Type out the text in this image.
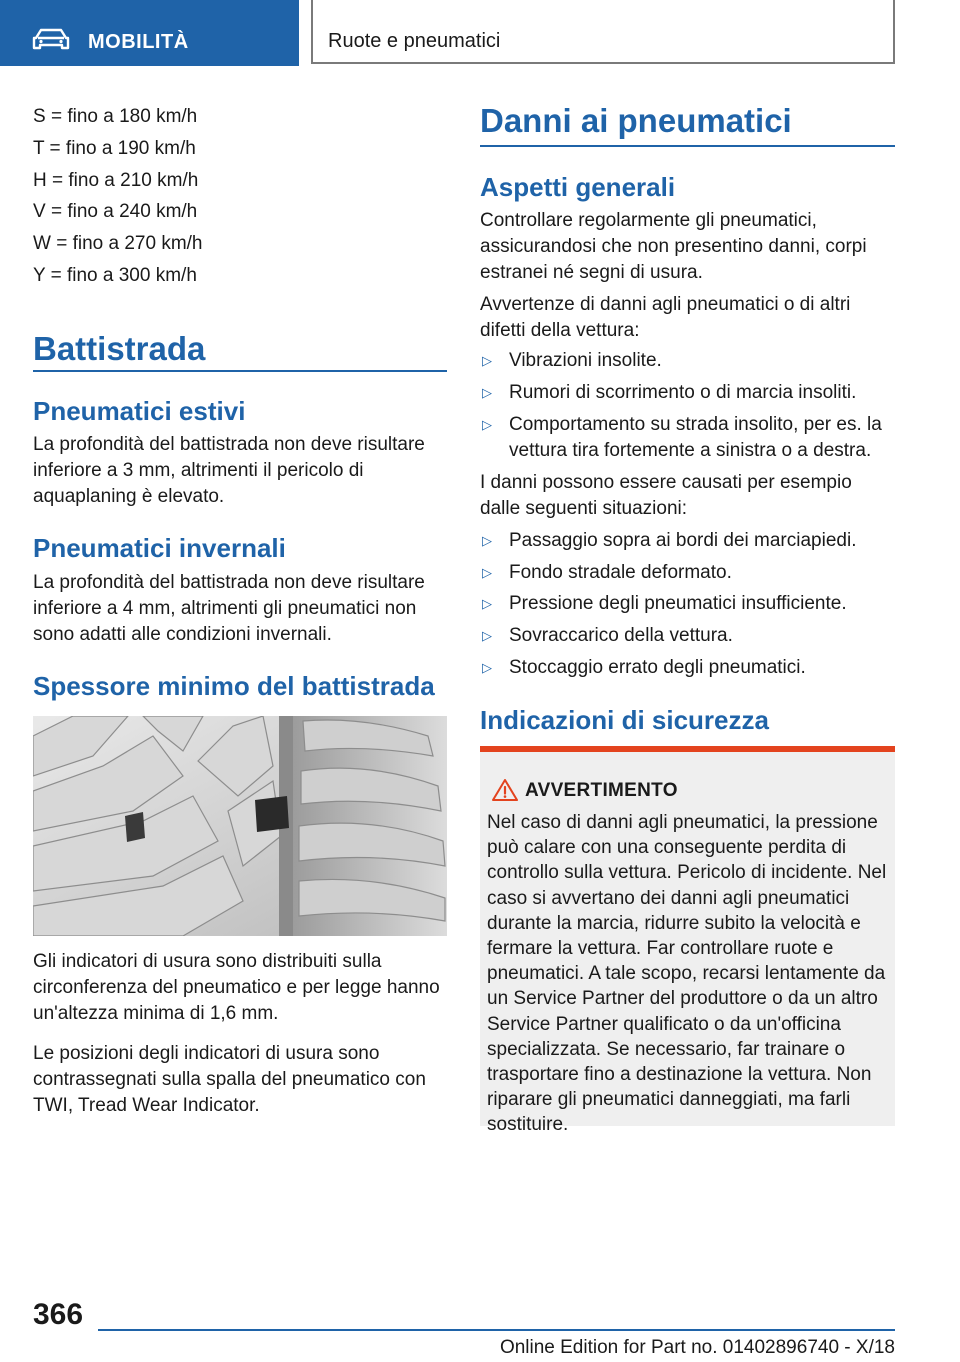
MOBILITÀ	Ruote e pneumatici
S = fino a 180 km/h
T = fino a 190 km/h
H = fino a 210 km/h
V = fino a 240 km/h
W = fino a 270 km/h
Y = fino a 300 km/h
Battistrada
Pneumatici estivi

La profondità del battistrada non deve risultare inferiore a 3 mm, altrimenti il pericolo di aquaplaning è elevato.

Pneumatici invernali

La profondità del battistrada non deve risultare inferiore a 4 mm, altrimenti gli pneumatici non sono adatti alle condizioni invernali.

Spessore minimo del battistrada

Gli indicatori di usura sono distribuiti sulla circonferenza del pneumatico e per legge hanno un'altezza minima di 1,6 mm.

Le posizioni degli indicatori di usura sono contrassegnati sulla spalla del pneumatico con TWI, Tread Wear Indicator.

Danni ai pneumatici
Aspetti generali

Controllare regolarmente gli pneumatici, assicurandosi che non presentino danni, corpi estranei né segni di usura.

Avvertenze di danni agli pneumatici o di altri difetti della vettura:

▷ Vibrazioni insolite.
▷ Rumori di scorrimento o di marcia insoliti.
▷ Comportamento su strada insolito, per es. la vettura tira fortemente a sinistra o a destra.

I danni possono essere causati per esempio dalle seguenti situazioni:

▷ Passaggio sopra ai bordi dei marciapiedi.
▷ Fondo stradale deformato.
▷ Pressione degli pneumatici insufficiente.
▷ Sovraccarico della vettura.
▷ Stoccaggio errato degli pneumatici.
Indicazioni di sicurezza
AVVERTIMENTO
Nel caso di danni agli pneumatici, la pressione può calare con una conseguente perdita di controllo sulla vettura. Pericolo di incidente. Nel caso si avvertano dei danni agli pneumatici durante la marcia, ridurre subito la velocità e fermare la vettura. Far controllare ruote e pneumatici. A tale scopo, recarsi lentamente da un Service Partner del produttore o da un altro Service Partner qualificato o da un'officina specializzata. Se necessario, far trainare o trasportare fino a destinazione la vettura. Non riparare gli pneumatici danneggiati, ma farli sostituire.
366
Online Edition for Part no. 01402896740 - X/18
